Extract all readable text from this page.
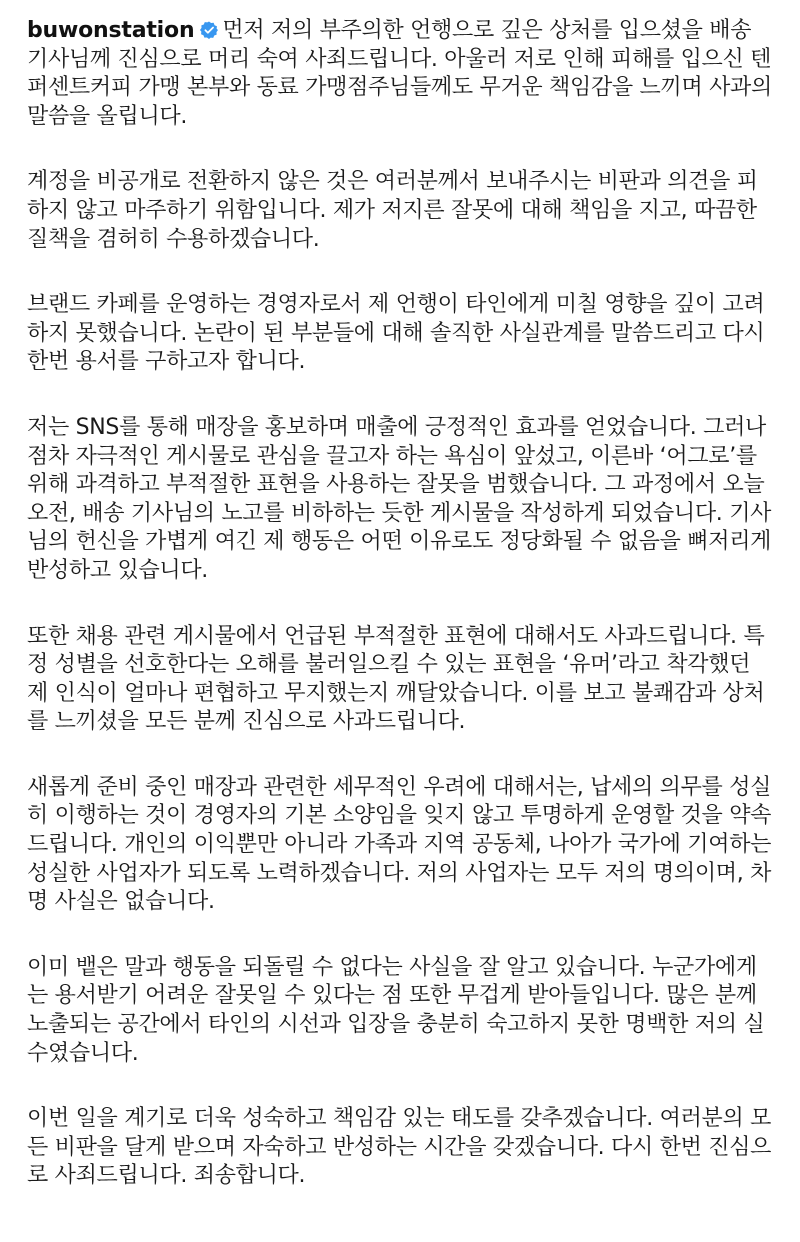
buwonstation 먼저 저의 부주의한 언행으로 깊은 상처를 입으셨을 배송
기사님께 진심으로 머리 숙여 사죄드립니다. 아울러 저로 인해 피해를 입으신 텐
퍼센트커피 가맹 본부와 동료 가맹점주님들께도 무거운 책임감을 느끼며 사과의
말씀을 올립니다.
계정을 비공개로 전환하지 않은 것은 여러분께서 보내주시는 비판과 의견을 피
하지 않고 마주하기 위함입니다. 제가 저지른 잘못에 대해 책임을 지고, 따끔한
질책을 겸허히 수용하겠습니다.
브랜드 카페를 운영하는 경영자로서 제 언행이 타인에게 미칠 영향을 깊이 고려
하지 못했습니다. 논란이 된 부분들에 대해 솔직한 사실관계를 말씀드리고 다시
한번 용서를 구하고자 합니다.
저는 SNS를 통해 매장을 홍보하며 매출에 긍정적인 효과를 얻었습니다. 그러나
점차 자극적인 게시물로 관심을 끌고자 하는 욕심이 앞섰고, 이른바 ‘어그로’를
위해 과격하고 부적절한 표현을 사용하는 잘못을 범했습니다. 그 과정에서 오늘
오전, 배송 기사님의 노고를 비하하는 듯한 게시물을 작성하게 되었습니다. 기사
님의 헌신을 가볍게 여긴 제 행동은 어떤 이유로도 정당화될 수 없음을 뼈저리게
반성하고 있습니다.
또한 채용 관련 게시물에서 언급된 부적절한 표현에 대해서도 사과드립니다. 특
정 성별을 선호한다는 오해를 불러일으킬 수 있는 표현을 ‘유머’라고 착각했던
제 인식이 얼마나 편협하고 무지했는지 깨달았습니다. 이를 보고 불쾌감과 상처
를 느끼셨을 모든 분께 진심으로 사과드립니다.
새롭게 준비 중인 매장과 관련한 세무적인 우려에 대해서는, 납세의 의무를 성실
히 이행하는 것이 경영자의 기본 소양임을 잊지 않고 투명하게 운영할 것을 약속
드립니다. 개인의 이익뿐만 아니라 가족과 지역 공동체, 나아가 국가에 기여하는
성실한 사업자가 되도록 노력하겠습니다. 저의 사업자는 모두 저의 명의이며, 차
명 사실은 없습니다.
이미 뱉은 말과 행동을 되돌릴 수 없다는 사실을 잘 알고 있습니다. 누군가에게
는 용서받기 어려운 잘못일 수 있다는 점 또한 무겁게 받아들입니다. 많은 분께
노출되는 공간에서 타인의 시선과 입장을 충분히 숙고하지 못한 명백한 저의 실
수였습니다.
이번 일을 계기로 더욱 성숙하고 책임감 있는 태도를 갖추겠습니다. 여러분의 모
든 비판을 달게 받으며 자숙하고 반성하는 시간을 갖겠습니다. 다시 한번 진심으
로 사죄드립니다. 죄송합니다.
